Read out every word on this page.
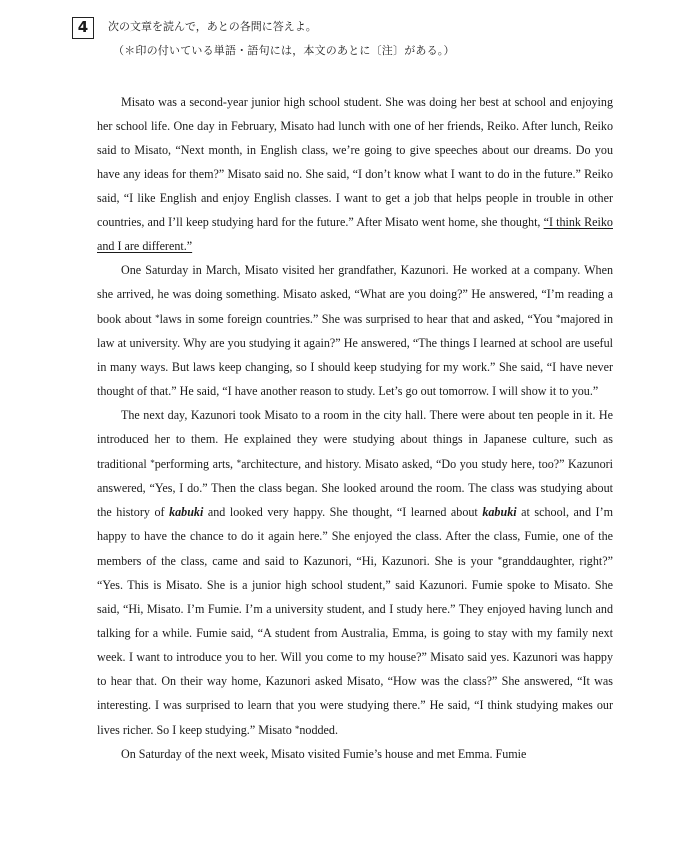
4	次の文章を読んで，あとの各問に答えよ。
（＊印の付いている単語・語句には，本文のあとに〔注〕がある。）

Misato was a second-year junior high school student. She was doing her best at school and enjoying her school life. One day in February, Misato had lunch with one of her friends, Reiko. After lunch, Reiko said to Misato, “Next month, in English class, we’re going to give speeches about our dreams. Do you have any ideas for them?” Misato said no. She said, “I don’t know what I want to do in the future.” Reiko said, “I like English and enjoy English classes. I want to get a job that helps people in trouble in other countries, and I’ll keep studying hard for the future.” After Misato went home, she thought, “I think Reiko and I are different.”

One Saturday in March, Misato visited her grandfather, Kazunori. He worked at a company. When she arrived, he was doing something. Misato asked, “What are you doing?” He answered, “I’m reading a book about *laws in some foreign countries.” She was surprised to hear that and asked, “You *majored in law at university. Why are you studying it again?” He answered, “The things I learned at school are useful in many ways. But laws keep changing, so I should keep studying for my work.” She said, “I have never thought of that.” He said, “I have another reason to study. Let’s go out tomorrow. I will show it to you.”

The next day, Kazunori took Misato to a room in the city hall. There were about ten people in it. He introduced her to them. He explained they were studying about things in Japanese culture, such as traditional *performing arts, *architecture, and history. Misato asked, “Do you study here, too?” Kazunori answered, “Yes, I do.” Then the class began. She looked around the room. The class was studying about the history of kabuki and looked very happy. She thought, “I learned about kabuki at school, and I’m happy to have the chance to do it again here.” She enjoyed the class. After the class, Fumie, one of the members of the class, came and said to Kazunori, “Hi, Kazunori. She is your *granddaughter, right?” “Yes. This is Misato. She is a junior high school student,” said Kazunori. Fumie spoke to Misato. She said, “Hi, Misato. I’m Fumie. I’m a university student, and I study here.” They enjoyed having lunch and talking for a while. Fumie said, “A student from Australia, Emma, is going to stay with my family next week. I want to introduce you to her. Will you come to my house?” Misato said yes. Kazunori was happy to hear that. On their way home, Kazunori asked Misato, “How was the class?” She answered, “It was interesting. I was surprised to learn that you were studying there.” He said, “I think studying makes our lives richer. So I keep studying.” Misato *nodded.

On Saturday of the next week, Misato visited Fumie’s house and met Emma. Fumie
